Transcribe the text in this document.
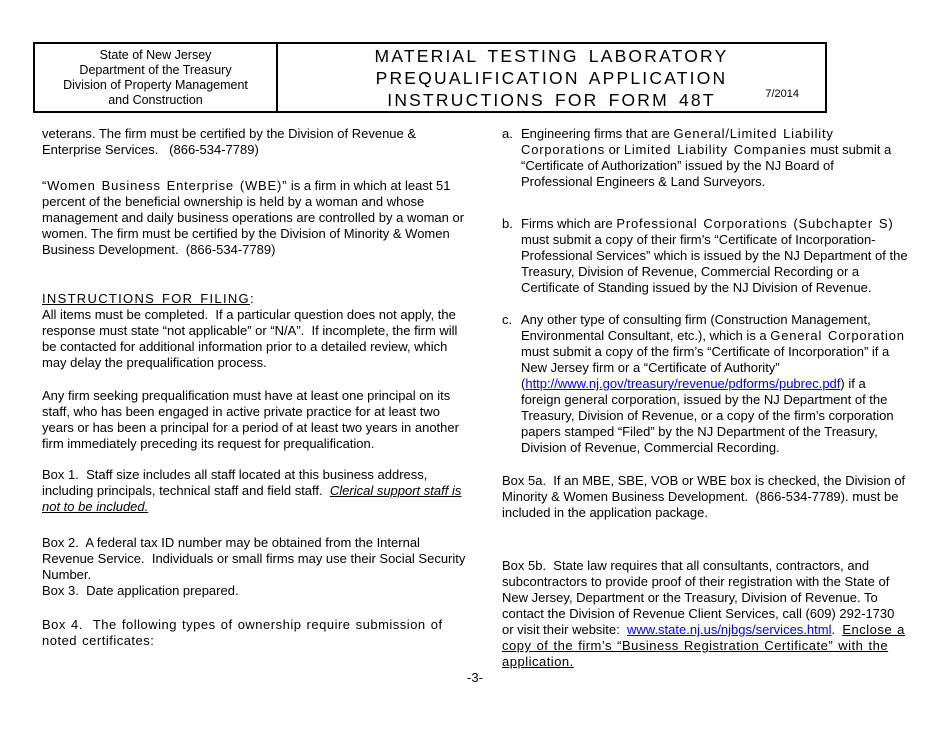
State of New Jersey
Department of the Treasury
Division of Property Management
and Construction
MATERIAL TESTING LABORATORY
PREQUALIFICATION APPLICATION
INSTRUCTIONS FOR FORM 48T	7/2014

veterans. The firm must be certified by the Division of Revenue & Enterprise Services.   (866-534-7789)

“Women Business Enterprise (WBE)” is a firm in which at least 51 percent of the beneficial ownership is held by a woman and whose management and daily business operations are controlled by a woman or women. The firm must be certified by the Division of Minority & Women Business Development.  (866-534-7789)

INSTRUCTIONS FOR FILING:

All items must be completed.  If a particular question does not apply, the response must state “not applicable” or “N/A”.  If incomplete, the firm will be contacted for additional information prior to a detailed review, which may delay the prequalification process.

Any firm seeking prequalification must have at least one principal on its staff, who has been engaged in active private practice for at least two years or has been a principal for a period of at least two years in another firm immediately preceding its request for prequalification.

Box 1.  Staff size includes all staff located at this business address, including principals, technical staff and field staff.  Clerical support staff is not to be included.

Box 2.  A federal tax ID number may be obtained from the Internal Revenue Service.  Individuals or small firms may use their Social Security Number.

Box 3.  Date application prepared.

Box 4.  The following types of ownership require submission of noted certificates:

a. Engineering firms that are General/Limited Liability Corporations or Limited Liability Companies must submit a “Certificate of Authorization” issued by the NJ Board of Professional Engineers & Land Surveyors.
b. Firms which are Professional Corporations (Subchapter S) must submit a copy of their firm’s “Certificate of Incorporation-Professional Services” which is issued by the NJ Department of the Treasury, Division of Revenue, Commercial Recording or a Certificate of Standing issued by the NJ Division of Revenue.
c. Any other type of consulting firm (Construction Management, Environmental Consultant, etc.), which is a General Corporation must submit a copy of the firm’s “Certificate of Incorporation” if a New Jersey firm or a “Certificate of Authority” (http://www.nj.gov/treasury/revenue/pdforms/pubrec.pdf) if a foreign general corporation, issued by the NJ Department of the Treasury, Division of Revenue, or a copy of the firm’s corporation papers stamped “Filed” by the NJ Department of the Treasury, Division of Revenue, Commercial Recording.

Box 5a.  If an MBE, SBE, VOB or WBE box is checked, the Division of Minority & Women Business Development.  (866-534-7789). must be included in the application package.

Box 5b.  State law requires that all consultants, contractors, and subcontractors to provide proof of their registration with the State of New Jersey, Department or the Treasury, Division of Revenue. To contact the Division of Revenue Client Services, call (609) 292-1730 or visit their website:  www.state.nj.us/njbgs/services.html.  Enclose a copy of the firm’s “Business Registration Certificate” with the application.

-3-
